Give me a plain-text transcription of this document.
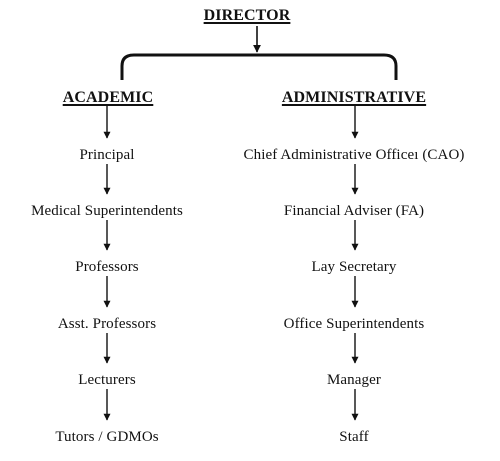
DIRECTOR
ACADEMIC	ADMINISTRATIVE
Principal
Medical Superintendents
Professors
Asst. Professors
Lecturers
Tutors / GDMOs
Chief Administrative Officeı (CAO)
Financial Adviser (FA)
Lay Secretary
Office Superintendents
Manager
Staff
